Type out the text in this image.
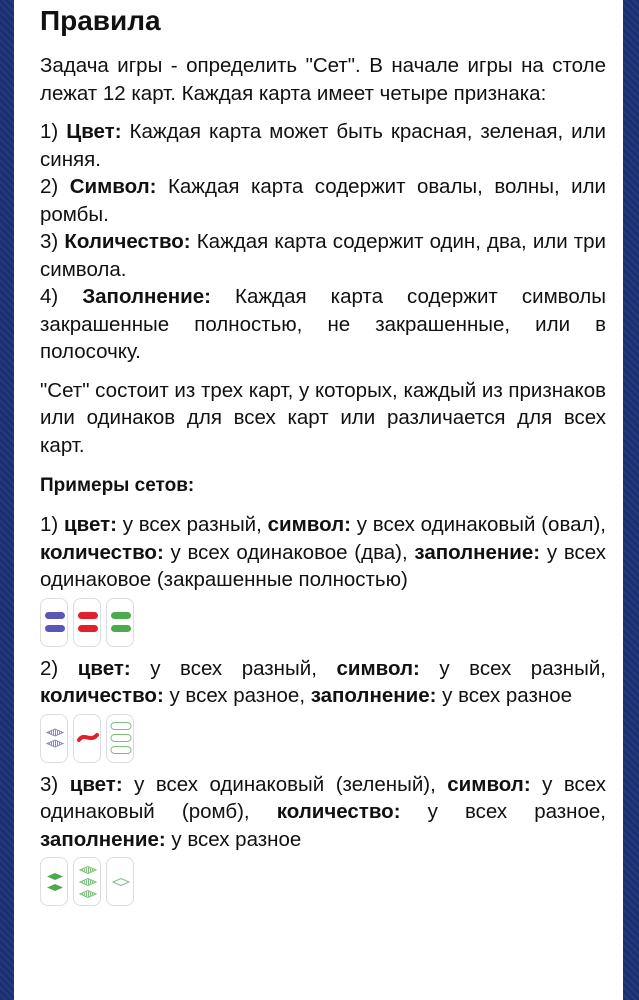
Правила

Задача игры - определить "Сет". В начале игры на столе лежат 12 карт. Каждая карта имеет четыре признака:

1) Цвет: Каждая карта может быть красная, зеленая, или синяя.

2) Символ: Каждая карта содержит овалы, волны, или ромбы.

3) Количество: Каждая карта содержит один, два, или три символа.

4) Заполнение: Каждая карта содержит символы закрашенные полностью, не закрашенные, или в полосочку.

"Сет" состоит из трех карт, у которых, каждый из признаков или одинаков для всех карт или различается для всех карт.

Примеры сетов:

1) цвет: у всех разный, символ: у всех одинаковый (овал), количество: у всех одинаковое (два), заполнение: у всех одинаковое (закрашенные полностью)

2) цвет: у всех разный, символ: у всех разный, количество: у всех разное, заполнение: у всех разное

3) цвет: у всех одинаковый (зеленый), символ: у всех одинаковый (ромб), количество: у всех разное, заполнение: у всех разное
